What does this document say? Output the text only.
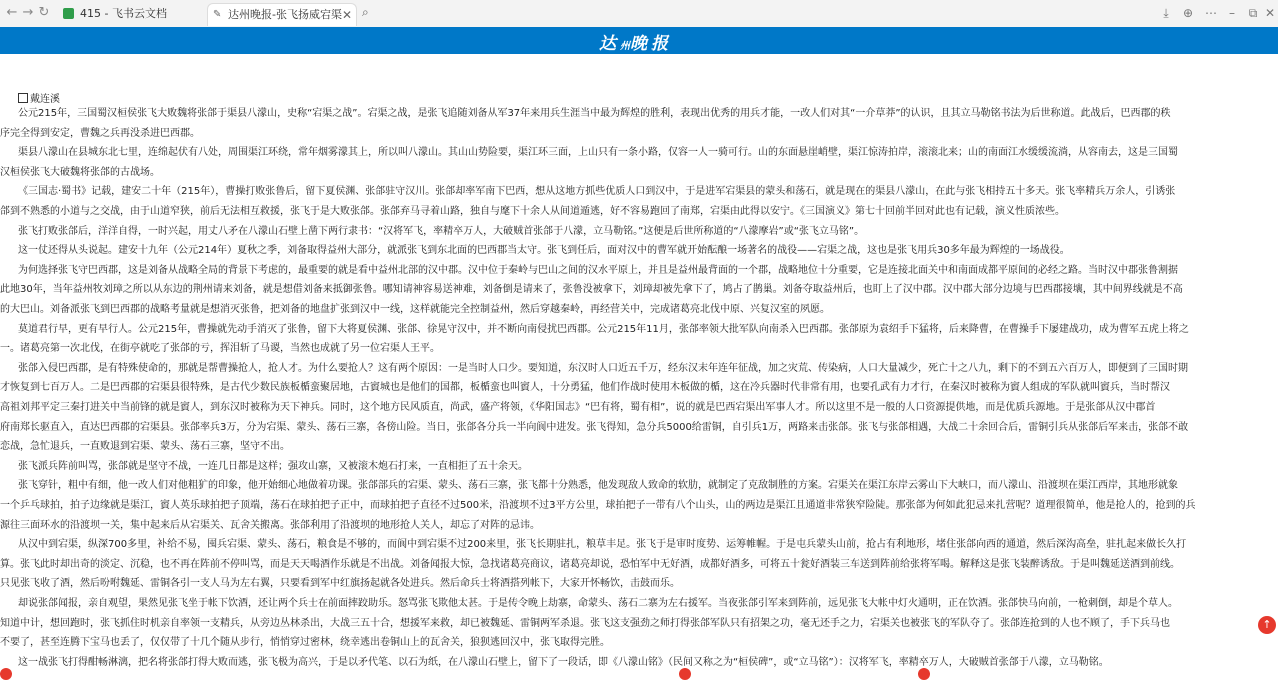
← → ↻	415 - 飞书云文档	✎ 达州晚报-张飞扬威宕渠 ✕ ⌕	⤓	⊕ ⋯	–	⧉ ✕
达州晚报
戴连溪
公元215年，三国蜀汉桓侯张飞大败魏将张郃于渠县八濛山，史称“宕渠之战”。宕渠之战，是张飞追随刘备从军37年来用兵生涯当中最为辉煌的胜利，表现出优秀的用兵才能，一改人们对其“一介草莽”的认识，且其立马勒铭书法为后世称道。此战后，巴西郡的秩
序完全得到安定，曹魏之兵再没杀进巴西郡。
渠县八濛山在县城东北七里，连绵起伏有八处，周围渠江环绕，常年烟雾濛其上，所以叫八濛山。其山山势险要，渠江环三面，上山只有一条小路，仅容一人一骑可行。山的东面悬崖峭壁，渠江惊涛拍岸，滚滚北来；山的南面江水缓缓流淌，从容南去，这是三国蜀
汉桓侯张飞大破魏将张郃的古战场。
《三国志·蜀书》记载，建安二十年（215年），曹操打败张鲁后，留下夏侯渊、张郃驻守汉川。张郃却率军南下巴西，想从这地方抓些优质人口到汉中，于是进军宕渠县的蒙头和荡石，就是现在的渠县八濛山，在此与张飞相持五十多天。张飞率精兵万余人，引诱张
郃到不熟悉的小道与之交战，由于山道窄狭，前后无法相互救援，张飞于是大败张郃。张郃弃马寻着山路，独自与麾下十余人从间道遁逃，好不容易跑回了南郑，宕渠由此得以安宁。《三国演义》第七十回前半回对此也有记载，演义性质浓些。
张飞打败张郃后，洋洋自得，一时兴起，用丈八矛在八濛山石壁上凿下两行隶书：“汉将军飞，率精卒万人，大破贼首张郃于八濛，立马勒铭。”这便是后世所称道的“八濛摩岩”或“张飞立马铭”。
这一仗还得从头说起。建安十九年（公元214年）夏秋之季，刘备取得益州大部分，就派张飞到东北面的巴西郡当太守。张飞到任后，面对汉中的曹军就开始酝酿一场著名的战役——宕渠之战，这也是张飞用兵30多年最为辉煌的一场战役。
为何选择张飞守巴西郡，这是刘备从战略全局的背景下考虑的，最重要的就是看中益州北部的汉中郡。汉中位于秦岭与巴山之间的汉水平原上，并且是益州最背面的一个郡，战略地位十分重要，它是连接北面关中和南面成都平原间的必经之路。当时汉中郡张鲁割据
此地30年，当年益州牧刘璋之所以从东边的荆州请来刘备，就是想借刘备来抵御张鲁。哪知请神容易送神难，刘备倒是请来了，张鲁没被拿下，刘璋却被先拿下了，鸠占了鹊巢。刘备夺取益州后，也盯上了汉中郡。汉中郡大部分边境与巴西郡接壤，其中间界线就是不高
的大巴山。刘备派张飞到巴西郡的战略考量就是想消灭张鲁，把刘备的地盘扩张到汉中一线，这样就能完全控制益州，然后穿越秦岭，再经营关中，完成诸葛亮北伐中原、兴复汉室的夙愿。
莫道君行早，更有早行人。公元215年，曹操就先动手消灭了张鲁，留下大将夏侯渊、张郃、徐晃守汉中，并不断向南侵扰巴西郡。公元215年11月，张郃率领大批军队向南杀入巴西郡。张郃原为袁绍手下猛将，后来降曹，在曹操手下屡建战功，成为曹军五虎上将之
一。诸葛亮第一次北伐，在街亭就吃了张郃的亏，挥泪斩了马谡，当然也成就了另一位宕渠人王平。
张郃入侵巴西郡，是有特殊使命的，那就是帮曹操抢人，抢人才。为什么要抢人？这有两个原因：一是当时人口少。要知道，东汉时人口近五千万，经东汉末年连年征战，加之灾荒、传染病，人口大量减少，死亡十之八九，剩下的不到五六百万人，即便到了三国时期
才恢复到七百万人。二是巴西郡的宕渠县很特殊，是古代少数民族板楯蛮聚居地，古賨城也是他们的国都，板楯蛮也叫賨人，十分勇猛，他们作战时使用木板做的楯，这在冷兵器时代非常有用，也要孔武有力才行，在秦汉时被称为賨人组成的军队就叫賨兵，当时帮汉
高祖刘邦平定三秦打进关中当前锋的就是賨人，到东汉时被称为天下神兵。同时，这个地方民风质直，尚武，盛产将领，《华阳国志》“巴有将，蜀有相”，说的就是巴西宕渠出军事人才。所以这里不是一般的人口资源提供地，而是优质兵源地。于是张郃从汉中郡首
府南郑长驱直入，直达巴西郡的宕渠县。张郃率兵3万，分为宕渠、蒙头、荡石三寨，各傍山险。当日，张郃各分兵一半向阆中进发。张飞得知，急分兵5000给雷铜，自引兵1万，两路来击张郃。张飞与张郃相遇，大战二十余回合后，雷铜引兵从张郃后军来击，张郃不敢
恋战，急忙退兵，一直败退到宕渠、蒙头、荡石三寨，坚守不出。
张飞派兵阵前叫骂，张郃就是坚守不战，一连几日都是这样；强攻山寨，又被滚木炮石打来，一直相拒了五十余天。
张飞穿针，粗中有细，他一改人们对他粗犷的印象，他开始细心地做着功课。张郃部兵的宕渠、蒙头、荡石三寨，张飞都十分熟悉，他发现敌人致命的软肋，就制定了克敌制胜的方案。宕渠关在渠江东岸云雾山下大峡口，而八濛山、沿渡坝在渠江西岸，其地形就象
一个乒乓球拍，拍子边缘就是渠江，賨人英乐球拍把子顶端，荡石在球拍把子正中，而球拍把子直径不过500米，沿渡坝不过3平方公里，球拍把子一带有八个山头，山的两边是渠江且通道非常狭窄险陡。那张郃为何如此犯忌来扎营呢？道理很简单，他是抢人的，抢到的兵
源往三面环水的沿渡坝一关，集中起来后从宕渠关、瓦舍关搬离。张郃利用了沿渡坝的地形抢人关人，却忘了对阵的忌讳。
从汉中到宕渠，纵深700多里，补给不易，囤兵宕渠、蒙头、荡石，粮食是不够的，而阆中到宕渠不过200来里，张飞长期驻扎，粮草丰足。张飞于是审时度势、运筹帷幄。于是屯兵蒙头山前，抢占有利地形，堵住张郃向西的通道，然后深沟高垒，驻扎起来做长久打
算。张飞此时却出奇的淡定、沉稳，也不再在阵前不停叫骂，而是天天喝酒作乐就是不出战。刘备闻报大惊，急找诸葛亮商议，诸葛亮却说，恐怕军中无好酒，成都好酒多，可将五十瓮好酒装三车送到阵前给张将军喝。解释这是张飞装醉诱敌。于是叫魏延送酒到前线。
只见张飞收了酒，然后吩咐魏延、雷铜各引一支人马为左右翼，只要看到军中红旗扬起就各处进兵。然后命兵士将酒搭列帐下，大家开怀畅饮，击鼓而乐。
却说张郃闻报，亲自观望，果然见张飞坐于帐下饮酒，还让两个兵士在前面摔跤助乐。怒骂张飞欺他太甚。于是传令晚上劫寨，命蒙头、荡石二寨为左右援军。当夜张郃引军来到阵前，远见张飞大帐中灯火通明，正在饮酒。张郃快马向前，一枪刺倒，却是个草人。
知道中计，想回跑时，张飞抓住时机亲自率领一支精兵，从旁边丛林杀出，大战三五十合，想援军来救，却已被魏延、雷铜两军杀退。张飞这支强劲之师打得张郃军队只有招架之功，毫无还手之力，宕渠关也被张飞的军队夺了。张郃连抢到的人也不顾了，手下兵马也
不要了，甚至连腾下宝马也丢了，仅仅带了十几个随从步行，悄悄穿过密林，绕幸逃出卷铜山上的瓦舍关，狼狈逃回汉中，张飞取得完胜。
这一战张飞打得酣畅淋漓，把名将张郃打得大败而逃，张飞极为高兴，于是以矛代笔、以石为纸，在八濛山石壁上，留下了一段话，即《八濛山铭》（民间又称之为“桓侯碑”，或“立马铭”）：汉将军飞，率精卒万人，大破贼首张郃于八濛，立马勒铭。
↑
